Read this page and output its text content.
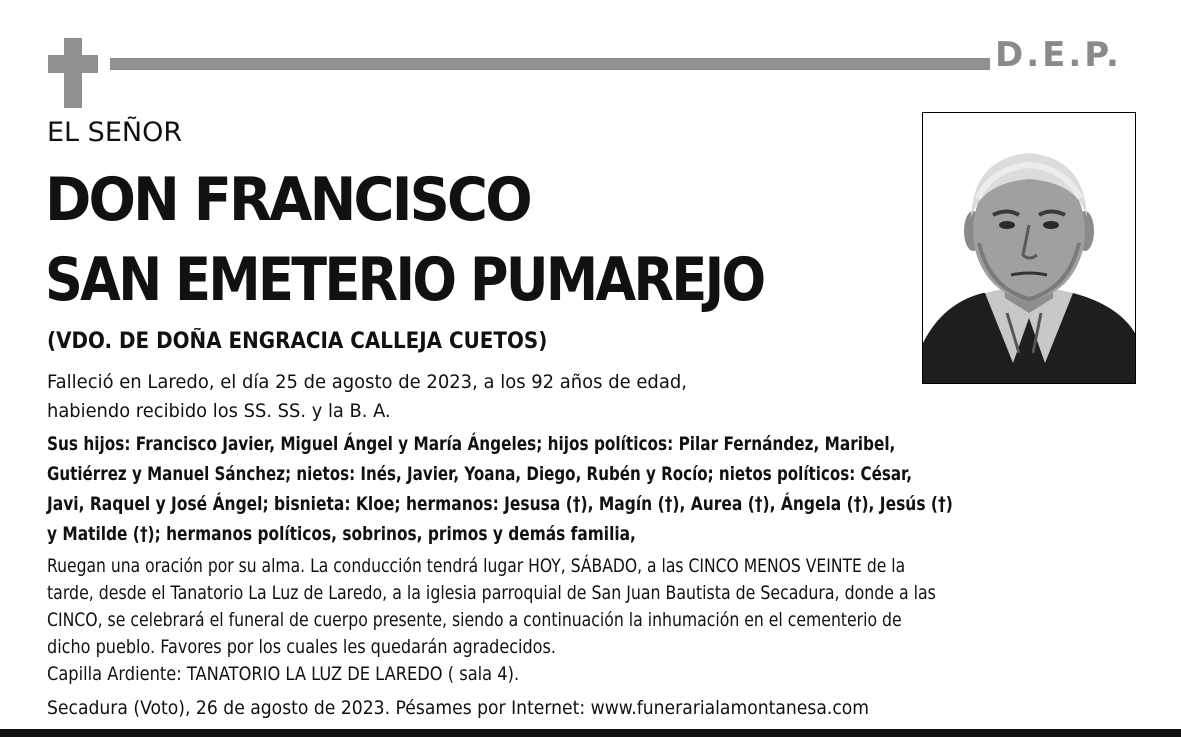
D.E.P.
EL SEÑOR
DON FRANCISCO
SAN EMETERIO PUMAREJO
(VDO. DE DOÑA ENGRACIA CALLEJA CUETOS)
Falleció en Laredo, el día 25 de agosto de 2023, a los 92 años de edad,
habiendo recibido los SS. SS. y la B. A.
Sus hijos: Francisco Javier, Miguel Ángel y María Ángeles; hijos políticos: Pilar Fernández, Maribel,
Gutiérrez y Manuel Sánchez; nietos: Inés, Javier, Yoana, Diego, Rubén y Rocío; nietos políticos: César,
Javi, Raquel y José Ángel; bisnieta: Kloe; hermanos: Jesusa (†), Magín (†), Aurea (†), Ángela (†), Jesús (†)
y Matilde (†); hermanos políticos, sobrinos, primos y demás familia,
Ruegan una oración por su alma. La conducción tendrá lugar HOY, SÁBADO, a las CINCO MENOS VEINTE de la
tarde, desde el Tanatorio La Luz de Laredo, a la iglesia parroquial de San Juan Bautista de Secadura, donde a las
CINCO, se celebrará el funeral de cuerpo presente, siendo a continuación la inhumación en el cementerio de
dicho pueblo. Favores por los cuales les quedarán agradecidos.
Capilla Ardiente: TANATORIO LA LUZ DE LAREDO ( sala 4).
Secadura (Voto), 26 de agosto de 2023. Pésames por Internet: www.funerarialamontanesa.com
